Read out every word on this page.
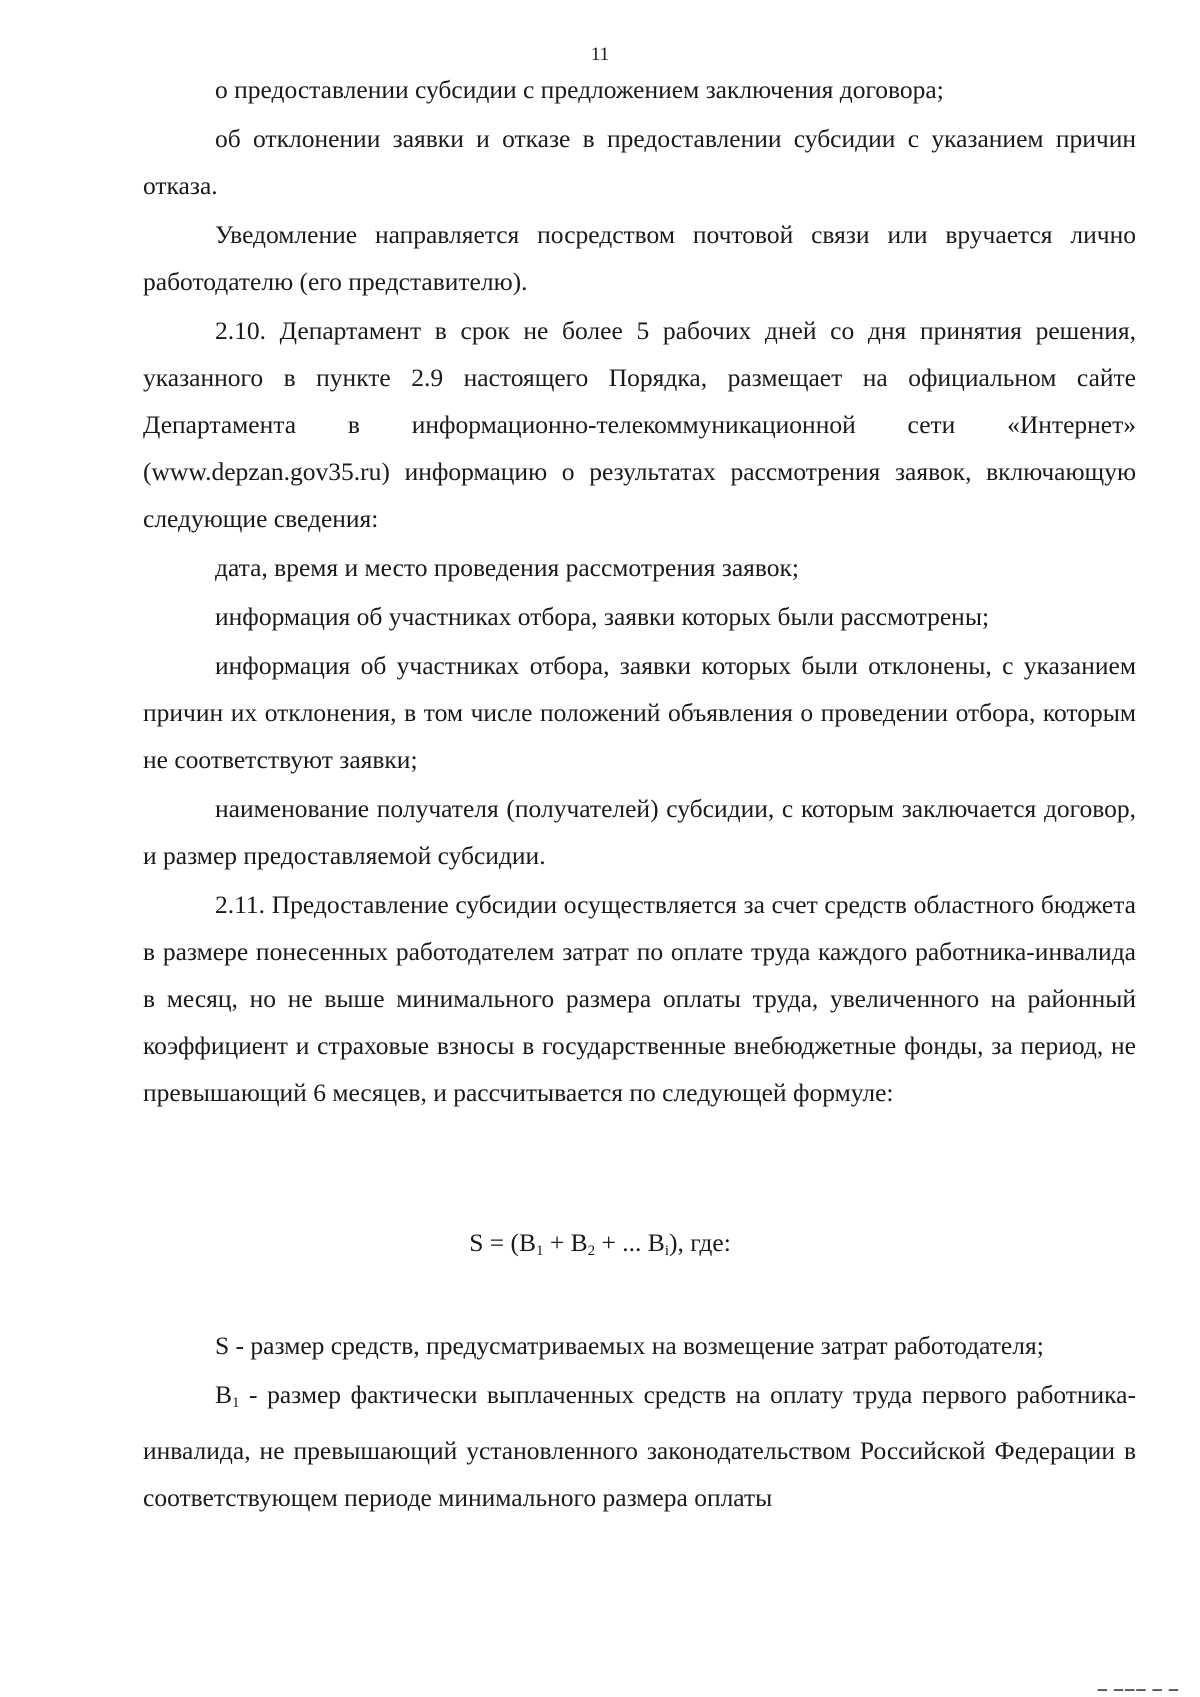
11

о предоставлении субсидии с предложением заключения договора;

об отклонении заявки и отказе в предоставлении субсидии с указанием причин отказа.

Уведомление направляется посредством почтовой связи или вручается лично работодателю (его представителю).

2.10. Департамент в срок не более 5 рабочих дней со дня принятия решения, указанного в пункте 2.9 настоящего Порядка, размещает на официальном сайте Департамента в информационно-телекоммуникационной сети «Интернет» (www.depzan.gov35.ru) информацию о результатах рассмотрения заявок, включающую следующие сведения:

дата, время и место проведения рассмотрения заявок;

информация об участниках отбора, заявки которых были рассмотрены;

информация об участниках отбора, заявки которых были отклонены, с указанием причин их отклонения, в том числе положений объявления о проведении отбора, которым не соответствуют заявки;

наименование получателя (получателей) субсидии, с которым заключается договор, и размер предоставляемой субсидии.

2.11. Предоставление субсидии осуществляется за счет средств областного бюджета в размере понесенных работодателем затрат по оплате труда каждого работника-инвалида в месяц, но не выше минимального размера оплаты труда, увеличенного на районный коэффициент и страховые взносы в государственные внебюджетные фонды, за период, не превышающий 6 месяцев, и рассчитывается по следующей формуле:

$S = (B_1 + B_2$ + ... $B_i$), где:

S - размер средств, предусматриваемых на возмещение затрат работодателя;

$B_1$ - размер фактически выплаченных средств на оплату труда первого работника-инвалида, не превышающий установленного законодательством Российской Федерации в соответствующем периоде минимального размера оплаты

▁ ▁▁▁ ▁ ▁
